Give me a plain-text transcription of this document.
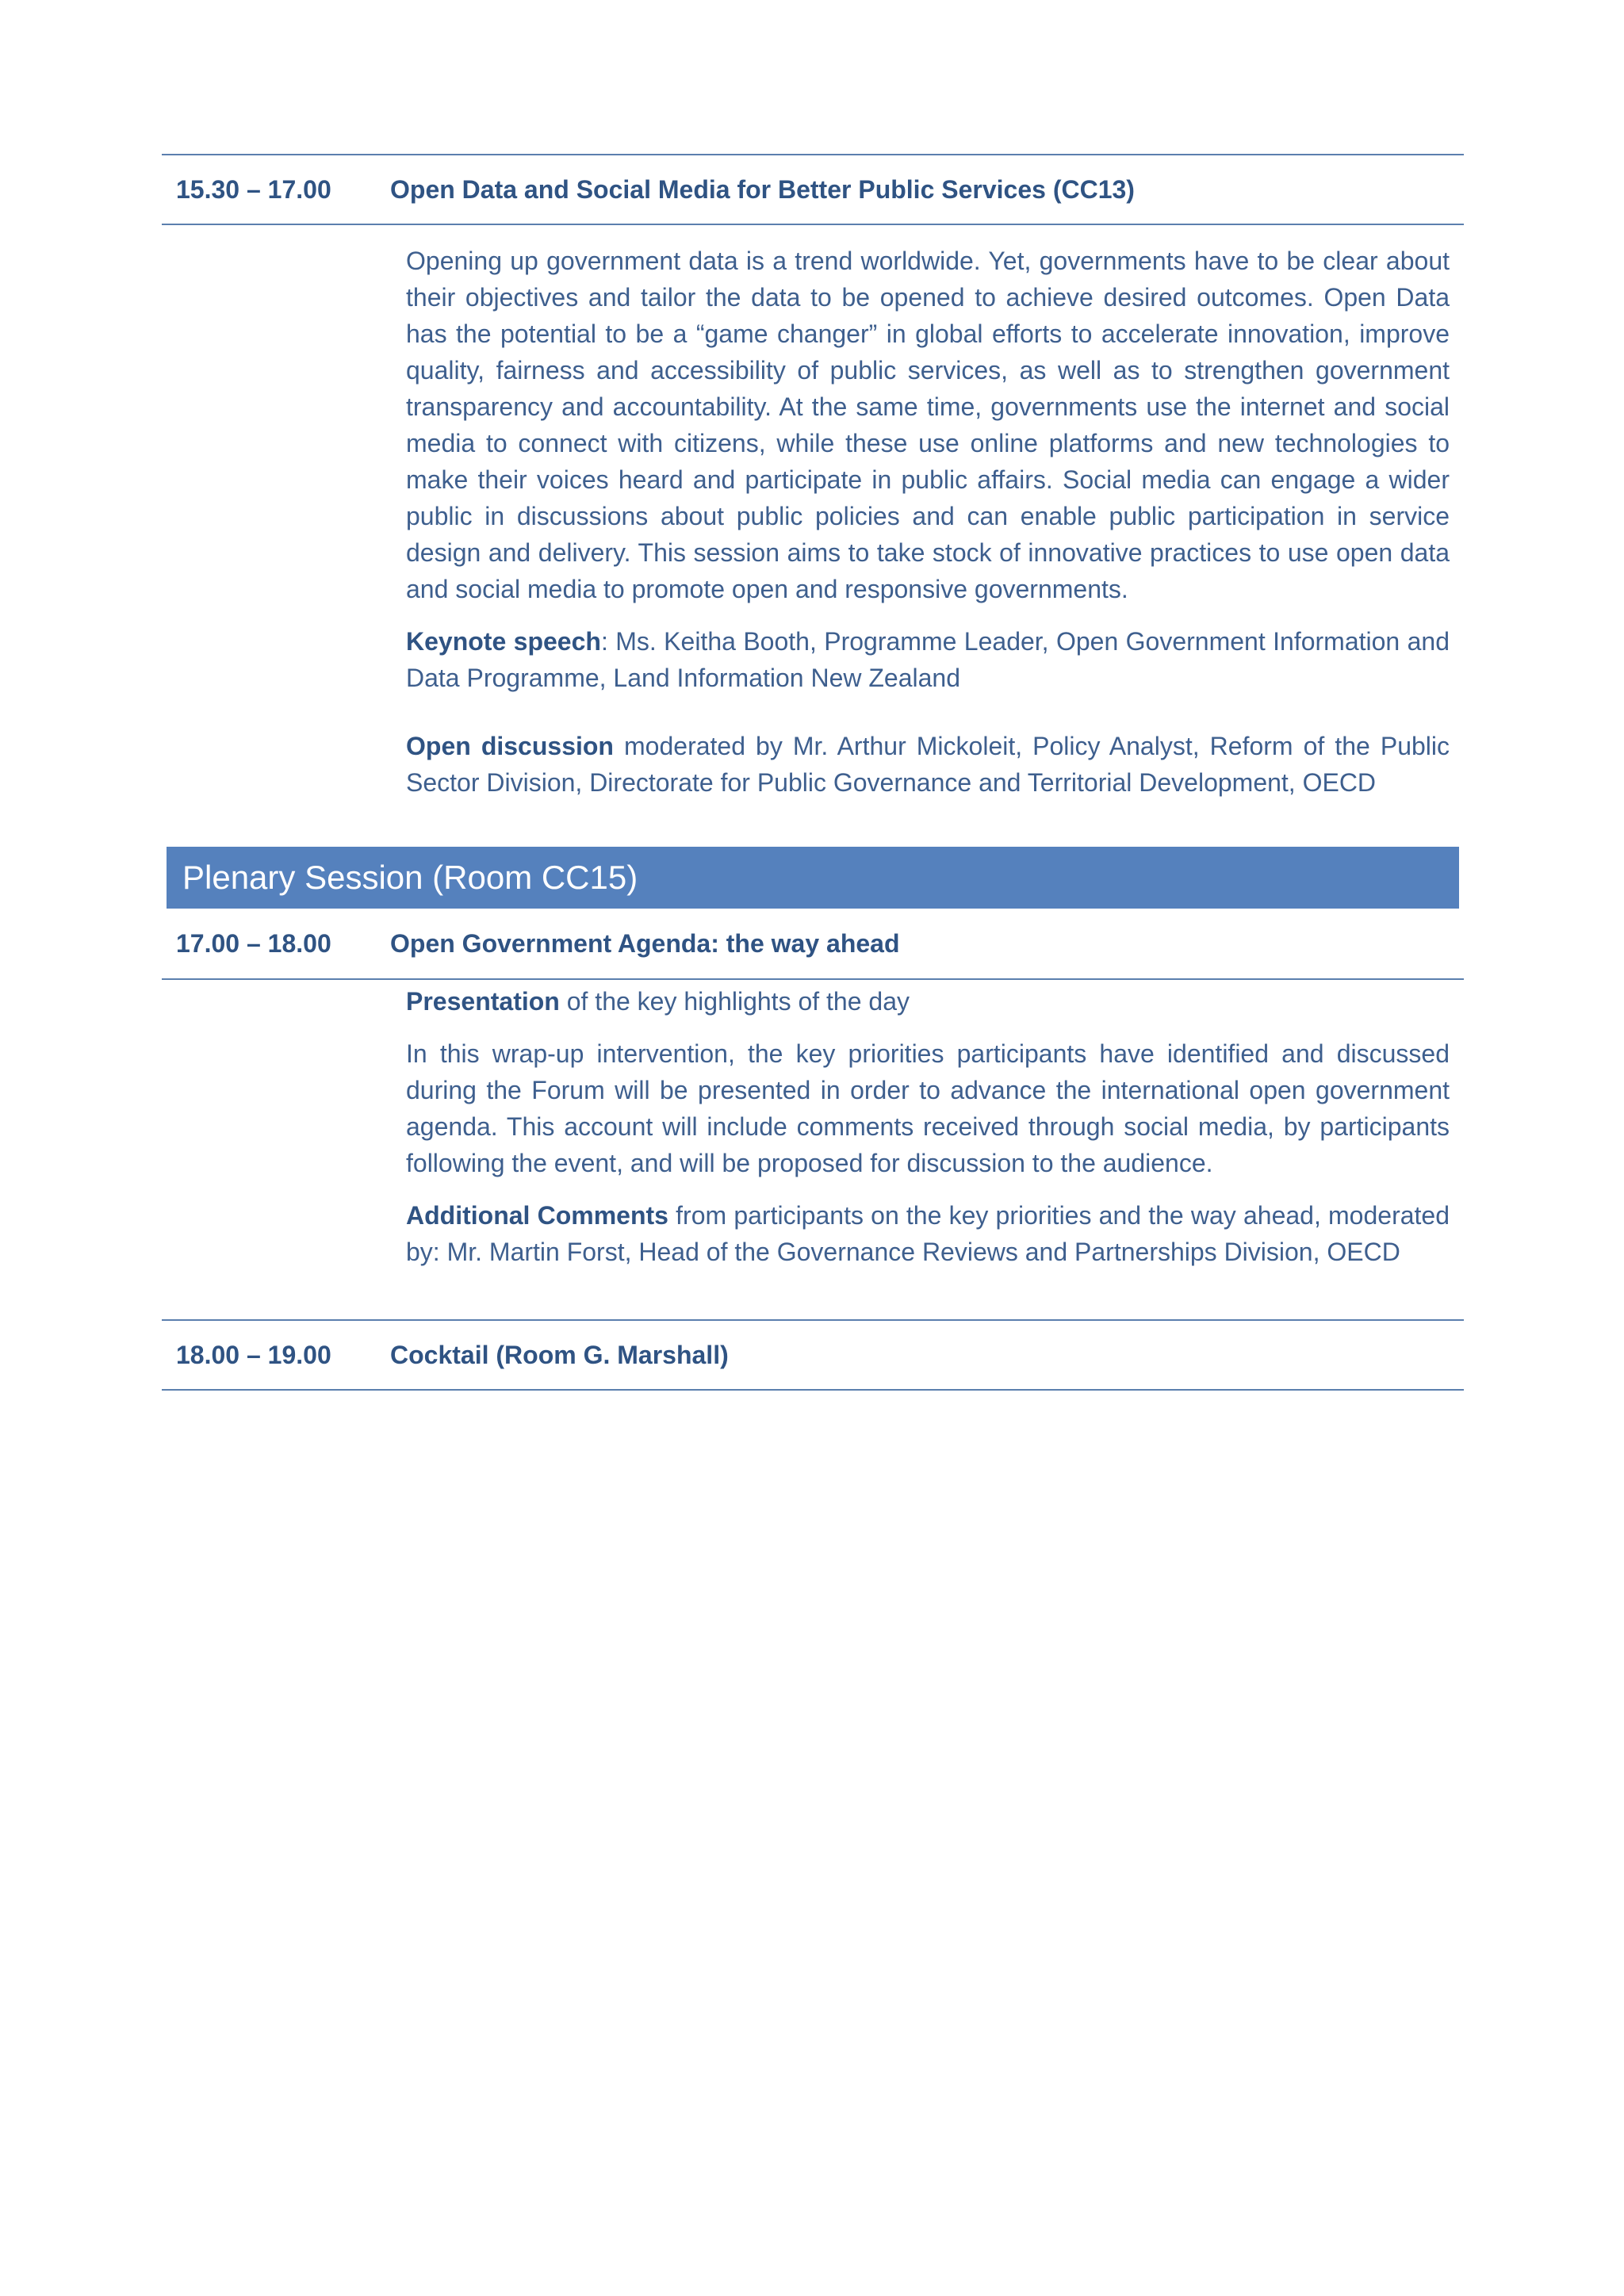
15.30 – 17.00	Open Data and Social Media for Better Public Services (CC13)

Opening up government data is a trend worldwide. Yet, governments have to be clear about their objectives and tailor the data to be opened to achieve desired outcomes. Open Data has the potential to be a “game changer” in global efforts to accelerate innovation, improve quality, fairness and accessibility of public services, as well as to strengthen government transparency and accountability. At the same time, governments use the internet and social media to connect with citizens, while these use online platforms and new technologies to make their voices heard and participate in public affairs. Social media can engage a wider public in discussions about public policies and can enable public participation in service design and delivery. This session aims to take stock of innovative practices to use open data and social media to promote open and responsive governments.

Keynote speech: Ms. Keitha Booth, Programme Leader, Open Government Information and Data Programme, Land Information New Zealand

Open discussion moderated by Mr. Arthur Mickoleit, Policy Analyst, Reform of the Public Sector Division, Directorate for Public Governance and Territorial Development, OECD

Plenary Session (Room CC15)
17.00 – 18.00	Open Government Agenda: the way ahead

Presentation of the key highlights of the day

In this wrap-up intervention, the key priorities participants have identified and discussed during the Forum will be presented in order to advance the international open government agenda. This account will include comments received through social media, by participants following the event, and will be proposed for discussion to the audience.

Additional Comments from participants on the key priorities and the way ahead, moderated by: Mr. Martin Forst, Head of the Governance Reviews and Partnerships Division, OECD

18.00 – 19.00	Cocktail (Room G. Marshall)
